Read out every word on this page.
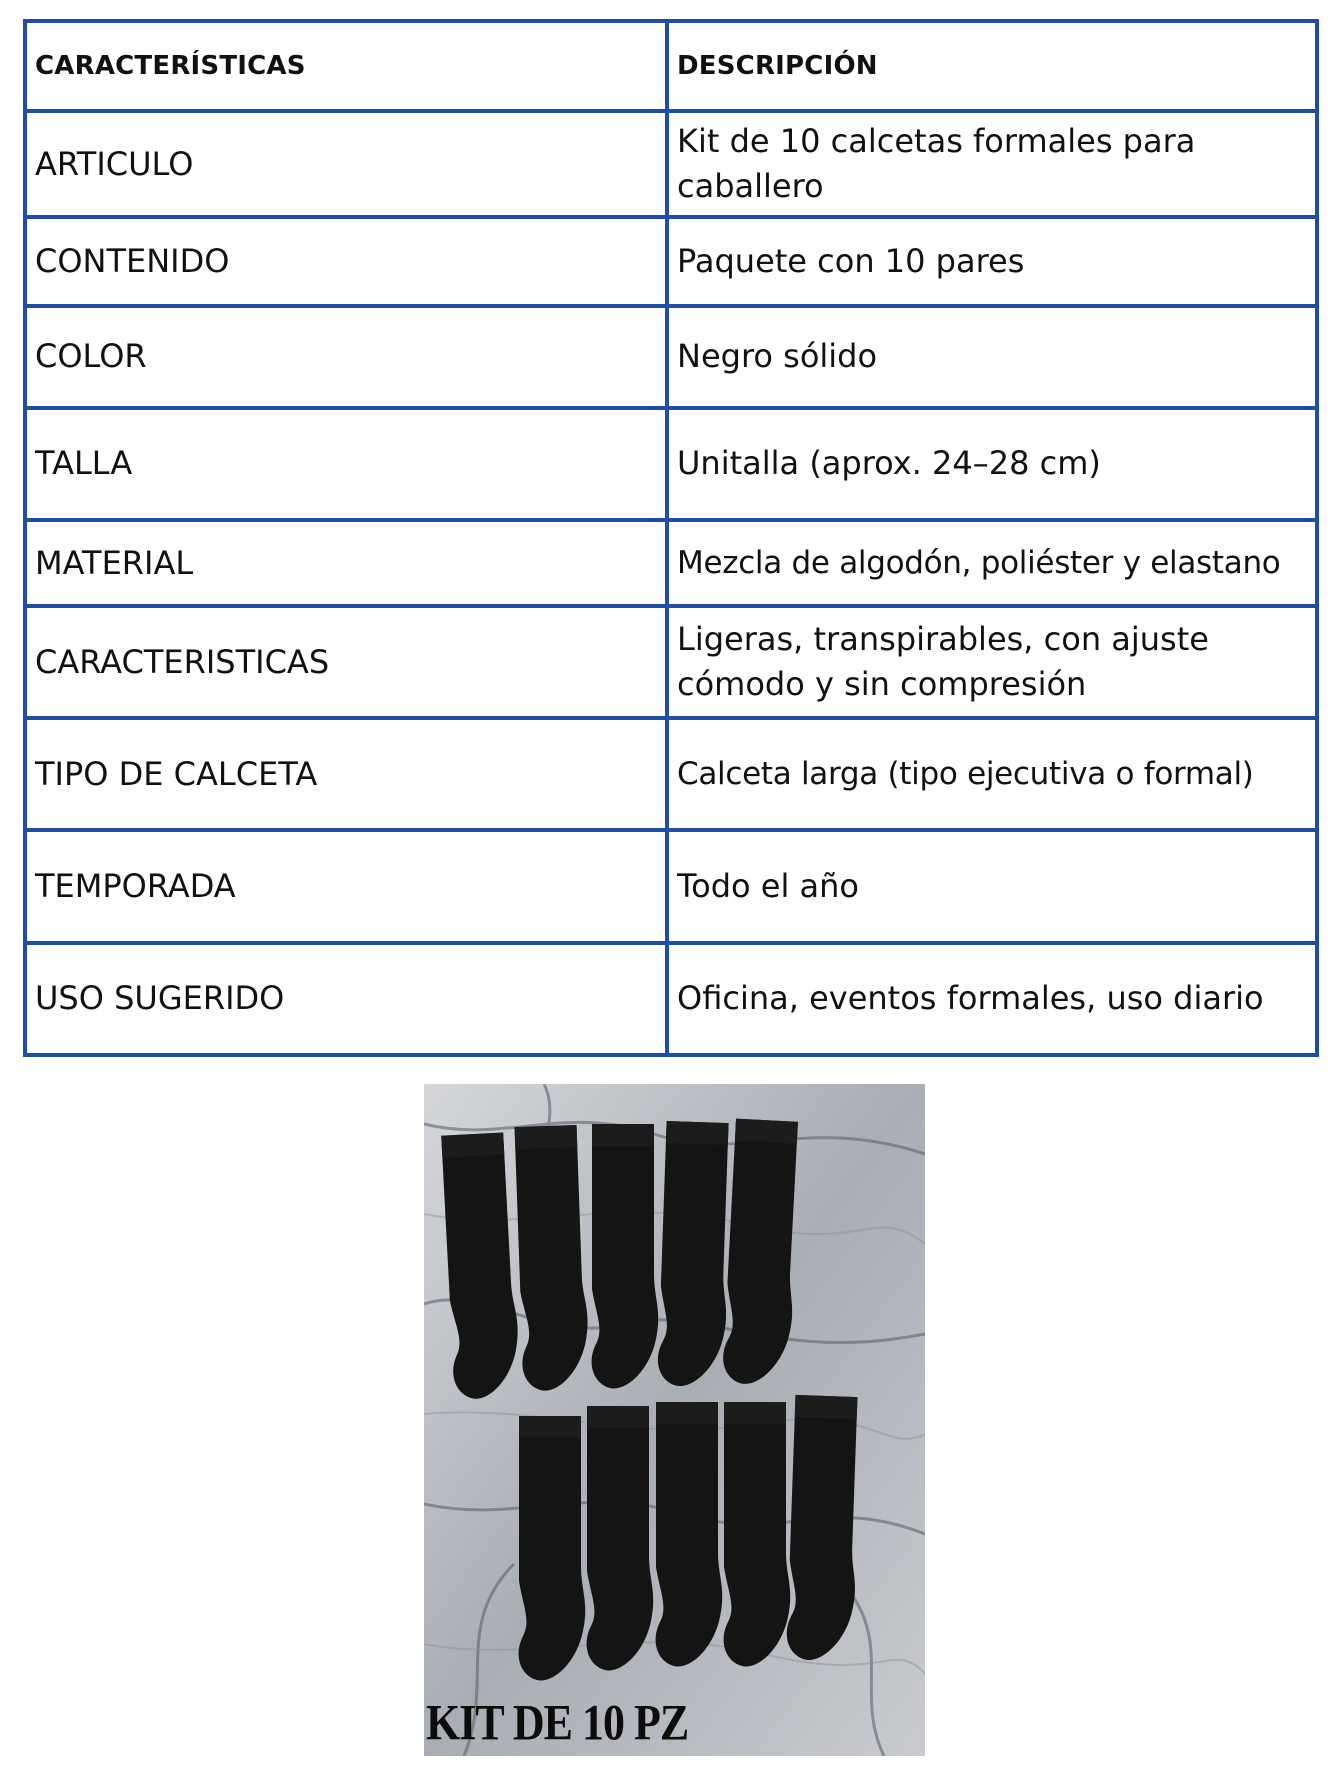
CARACTERÍSTICAS	DESCRIPCIÓN
ARTICULO	Kit de 10 calcetas formales para caballero
CONTENIDO	Paquete con 10 pares
COLOR	Negro sólido
TALLA	Unitalla (aprox. 24–28 cm)
MATERIAL	Mezcla de algodón, poliéster y elastano
CARACTERISTICAS	Ligeras, transpirables, con ajuste cómodo y sin compresión
TIPO DE CALCETA	Calceta larga (tipo ejecutiva o formal)
TEMPORADA	Todo el año
USO SUGERIDO	Oficina, eventos formales, uso diario
KIT DE 10 PZ
